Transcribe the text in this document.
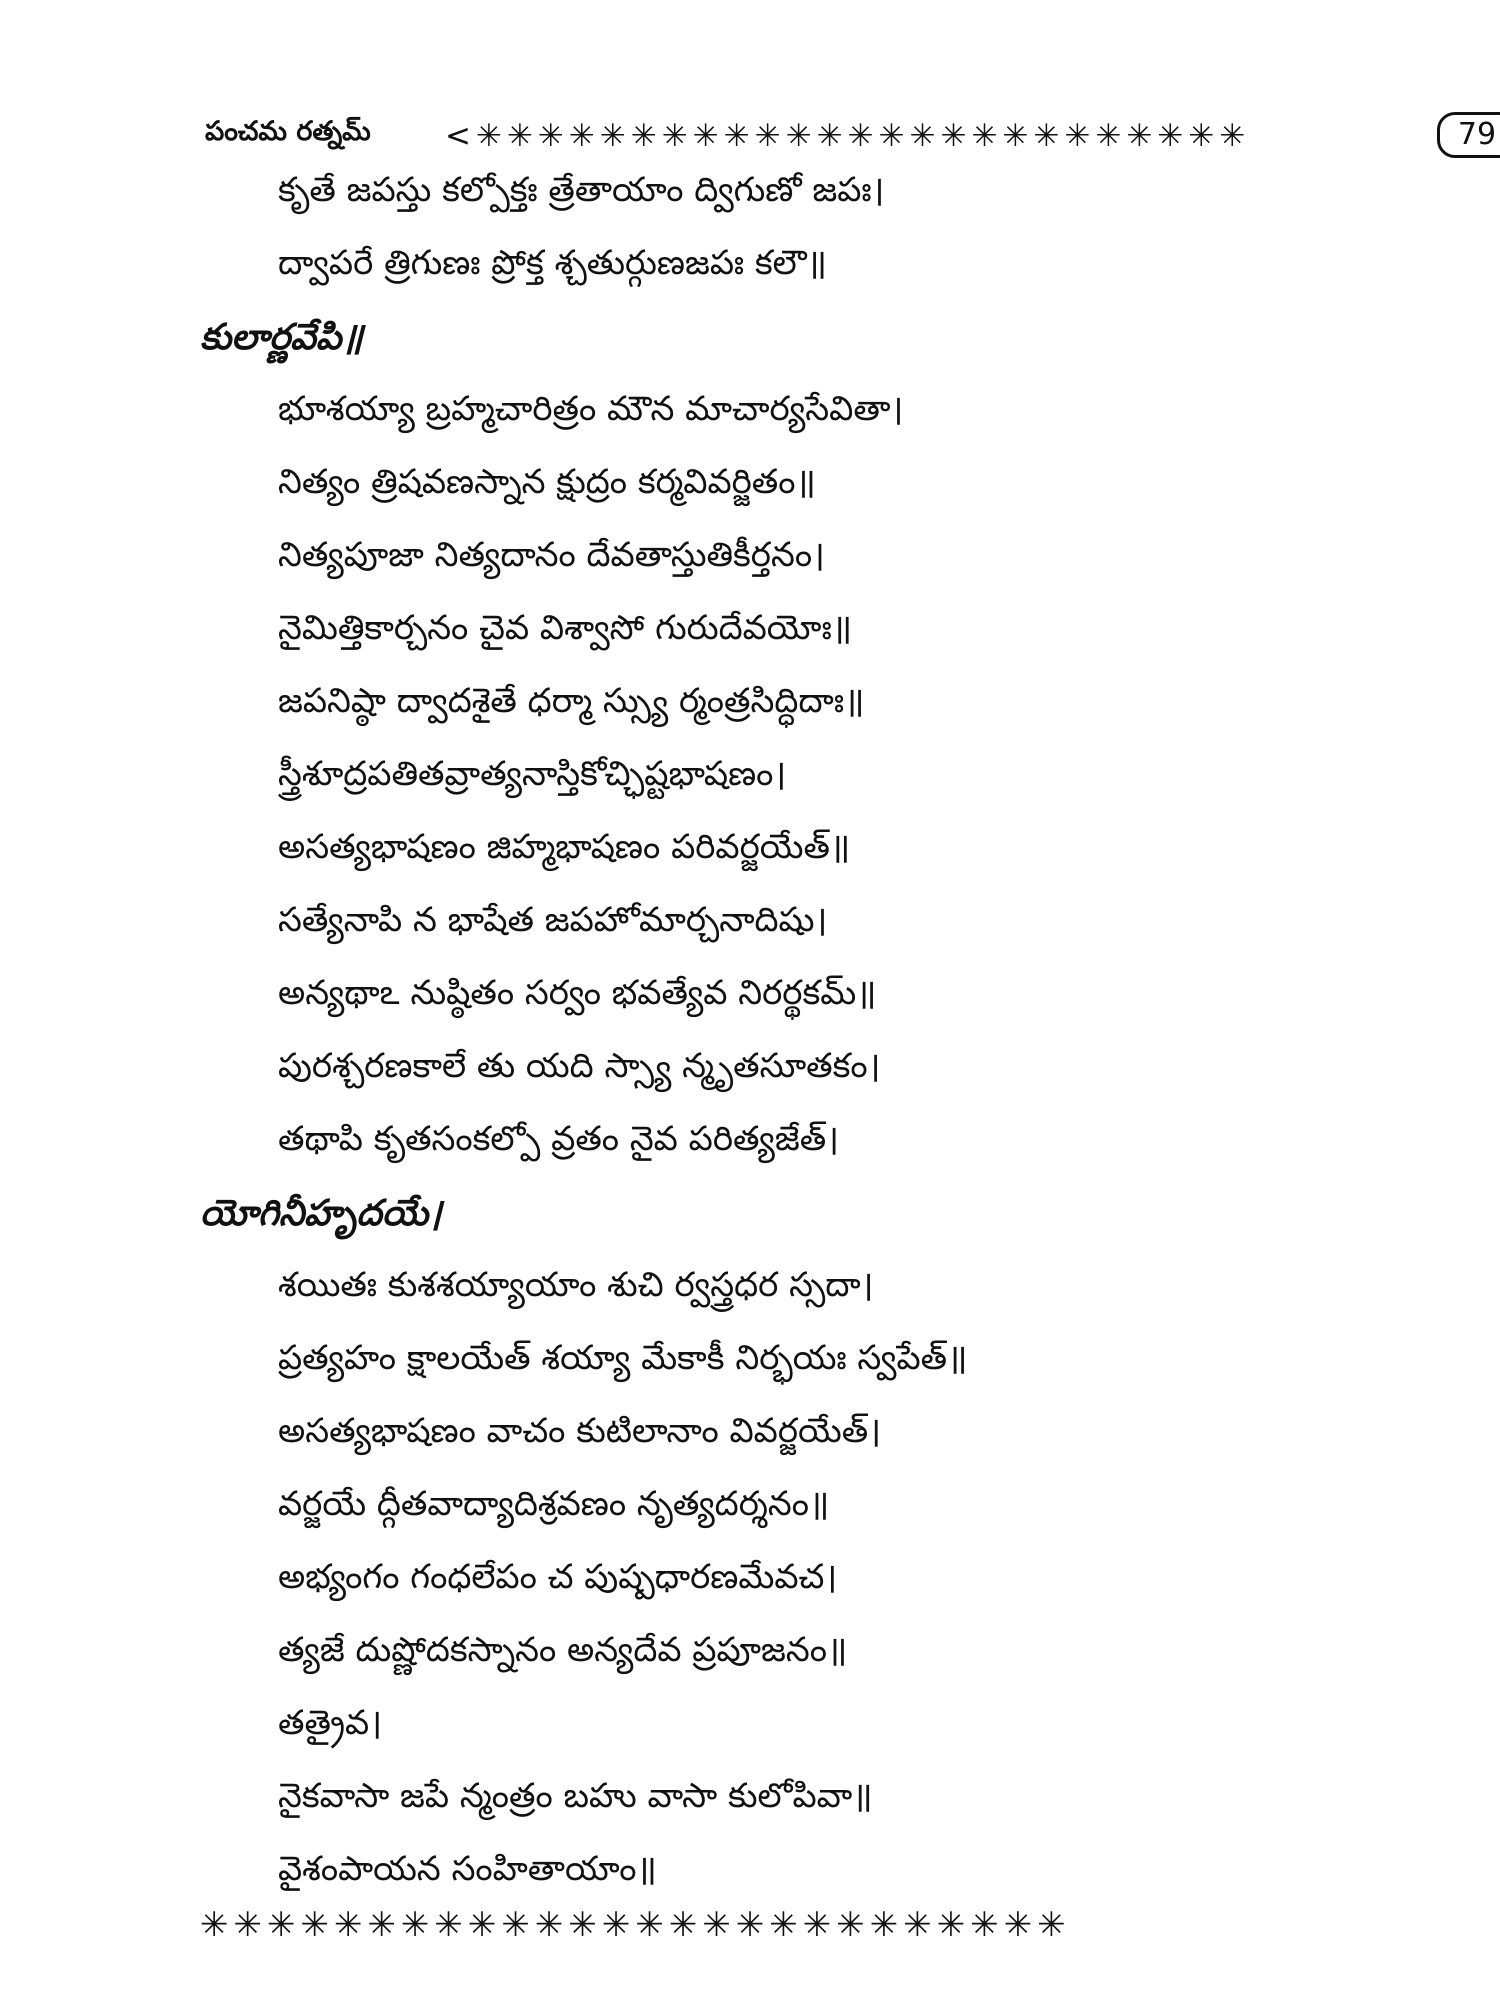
పంచమ రత్నమ్ <✳✳✳✳✳✳✳✳✳✳✳✳✳✳✳✳✳✳✳✳✳✳✳✳✳	79
కృతే జపస్తు కల్పోక్తః త్రేతాయాం ద్విగుణో జపః।
ద్వాపరే త్రిగుణః ప్రోక్త శ్చతుర్గుణజపః కలౌ॥
కులార్ణవేపి॥
భూశయ్యా బ్రహ్మచారిత్రం మౌన మాచార్యసేవితా।
నిత్యం త్రిషవణస్నాన క్షుద్రం కర్మవివర్జితం॥
నిత్యపూజా నిత్యదానం దేవతాస్తుతికీర్తనం।
నైమిత్తికార్చనం చైవ విశ్వాసో గురుదేవయోః॥
జపనిష్ఠా ద్వాదశైతే ధర్మా స్స్యు ర్మంత్రసిద్ధిదాః॥
స్త్రీశూద్రపతితవ్రాత్యనాస్తికోచ్ఛిష్టభాషణం।
అసత్యభాషణం జిహ్మభాషణం పరివర్జయేత్॥
సత్యేనాపి న భాషేత జపహోమార్చనాదిషు।
అన్యథాఽ నుష్ఠితం సర్వం భవత్యేవ నిరర్థకమ్॥
పురశ్చరణకాలే తు యది స్స్యా న్మృతసూతకం।
తథాపి కృతసంకల్పో వ్రతం నైవ పరిత్యజేత్।
యోగినీహృదయే।
శయితః కుశశయ్యాయాం శుచి ర్వస్త్రధర స్సదా।
ప్రత్యహం క్షాలయేత్ శయ్యా మేకాకీ నిర్భయః స్వపేత్॥
అసత్యభాషణం వాచం కుటిలానాం వివర్జయేత్।
వర్జయే ద్గీతవాద్యాదిశ్రవణం నృత్యదర్శనం॥
అభ్యంగం గంధలేపం చ పుష్పధారణమేవచ।
త్యజే దుష్ణోదకస్నానం అన్యదేవ ప్రపూజనం॥
తత్రైవ।
నైకవాసా జపే న్మంత్రం బహు వాసా కులోపివా॥
వైశంపాయన సంహితాయాం॥
✳✳✳✳✳✳✳✳✳✳✳✳✳✳✳✳✳✳✳✳✳✳✳✳✳✳
